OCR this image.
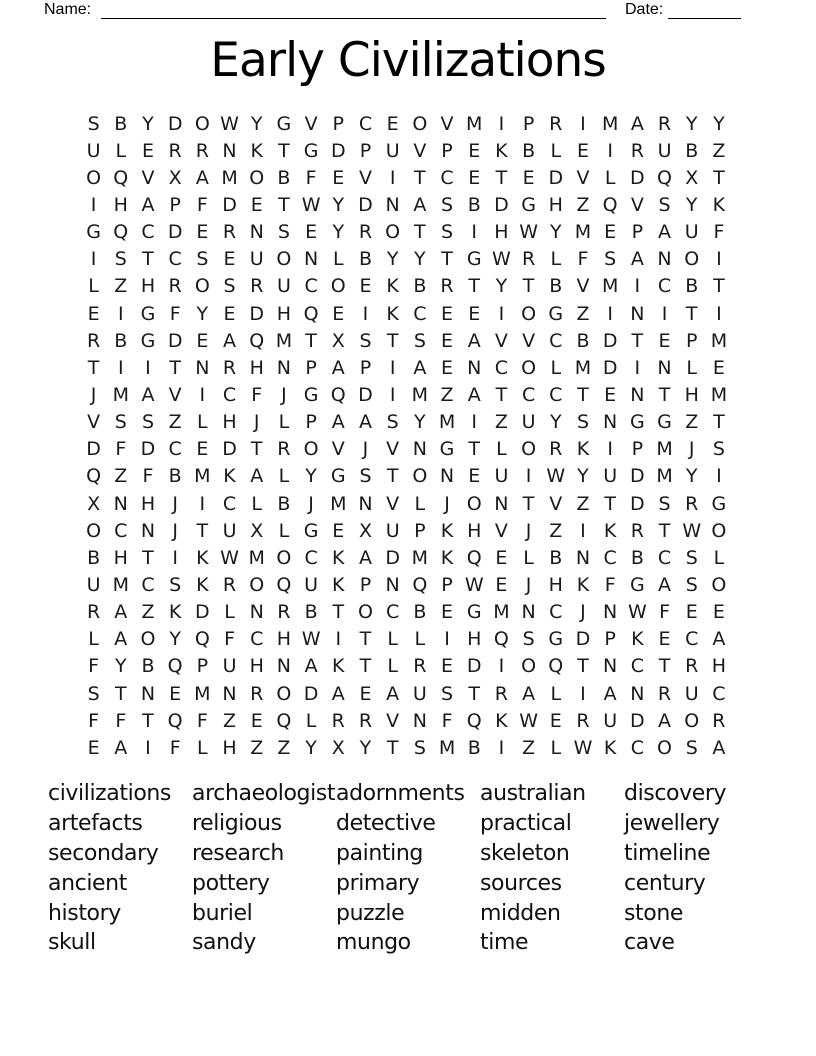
Name:	Date:
Early Civilizations
S B Y D O W Y G V P C E O V M I P R I M A R Y Y
U L E R R N K T G D P U V P E K B L E I R U B Z
O Q V X A M O B F E V I T C E T E D V L D Q X T
I H A P F D E T W Y D N A S B D G H Z Q V S Y K
G Q C D E R N S E Y R O T S I H W Y M E P A U F
I S T C S E U O N L B Y Y T G W R L F S A N O I
L Z H R O S R U C O E K B R T Y T B V M I C B T
E I G F Y E D H Q E I K C E E I O G Z I N I T I
R B G D E A Q M T X S T S E A V V C B D T E P M
T I	I T N R H N P A P I A E N C O L M D I N L E
J M A V I C F J G Q D I M Z A T C C T E N T H M
V S S Z L H J	L P A A S Y M I Z U Y S N G G Z T
D F D C E D T R O V J V N G T L O R K I P M J S
Q Z F B M K A L Y G S T O N E U I W Y U D M Y I
X N H J	I C L B J M N V L	J O N T V Z T D S R G
O C N J T U X L G E X U P K H V J Z I K R T W O
B H T I K W M O C K A D M K Q E L B N C B C S L
U M C S K R O Q U K P N Q P W E J H K F G A S O
R A Z K D L N R B T O C B E G M N C J N W F E E
L A O Y Q F C H W I T L L	I H Q S G D P K E C A
F Y B Q P U H N A K T L R E D I O Q T N C T R H
S T N E M N R O D A E A U S T R A L	I A N R U C
F F T Q F Z E Q L R R V N F Q K W E R U D A O R
E A I F L H Z Z Y X Y T S M B I Z L W K C O S A
civilizations
artefacts
secondary
ancient
history
skull
archaeologist
religious
research
pottery
buriel
sandy
adornments
detective
painting
primary
puzzle
mungo
australian
practical
skeleton
sources
midden
time
discovery
jewellery
timeline
century
stone
cave
